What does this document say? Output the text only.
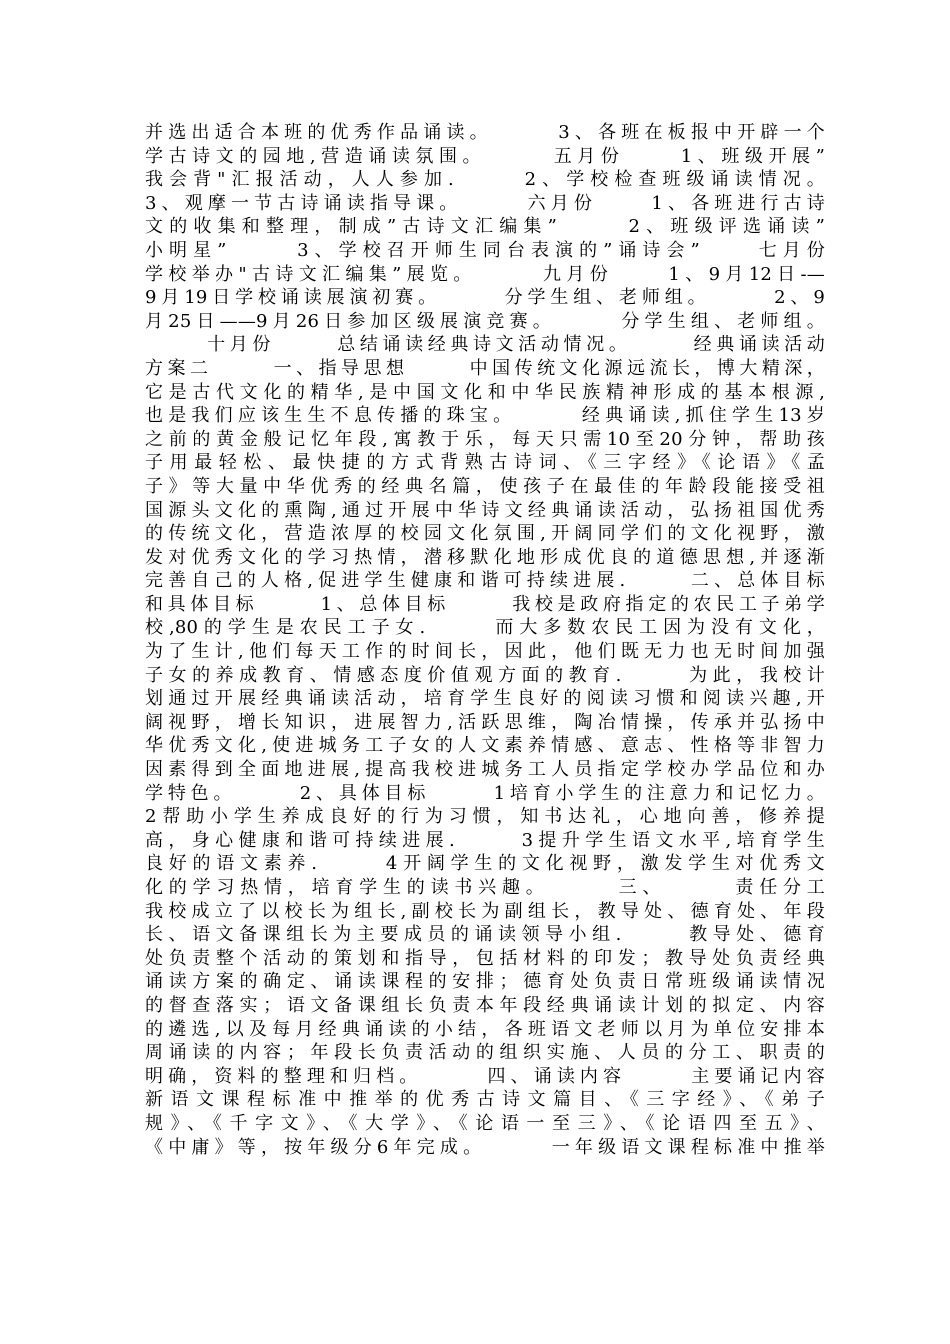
并选出适合本班的优秀作品诵读。      3、各班在板报中开辟一个
学古诗文的园地,营造诵读氛围。      五月份     1、班级开展”
我会背"汇报活动，人人参加.      2、学校检查班级诵读情况。
3、观摩一节古诗诵读指导课。      六月份     1、各班进行古诗
文的收集和整理，制成”古诗文汇编集”      2、班级评选诵读”
小明星”      3、学校召开师生同台表演的”诵诗会”     七月份
学校举办"古诗文汇编集”展览。      九月份     1、9月12日-—
9月19日学校诵读展演初赛。      分学生组、老师组。      2、9
月25日——9月26日参加区级展演竞赛。      分学生组、老师组。
十月份      总结诵读经典诗文活动情况。      经典诵读活动
方案二      一、指导思想      中国传统文化源远流长，博大精深，
它是古代文化的精华,是中国文化和中华民族精神形成的基本根源,
也是我们应该生生不息传播的珠宝。      经典诵读,抓住学生13岁
之前的黄金般记忆年段,寓教于乐，每天只需10至20分钟，帮助孩
子用最轻松、最快捷的方式背熟古诗词、《三字经》《论语》《孟
子》等大量中华优秀的经典名篇，使孩子在最佳的年龄段能接受祖
国源头文化的熏陶,通过开展中华诗文经典诵读活动，弘扬祖国优秀
的传统文化，营造浓厚的校园文化氛围,开阔同学们的文化视野，激
发对优秀文化的学习热情，潜移默化地形成优良的道德思想,并逐渐
完善自己的人格,促进学生健康和谐可持续进展.      二、总体目标
和具体目标      1、总体目标      我校是政府指定的农民工子弟学
校,80的学生是农民工子女.      而大多数农民工因为没有文化，
为了生计,他们每天工作的时间长，因此，他们既无力也无时间加强
子女的养成教育、情感态度价值观方面的教育.      为此，我校计
划通过开展经典诵读活动，培育学生良好的阅读习惯和阅读兴趣,开
阔视野，增长知识，进展智力,活跃思维，陶冶情操，传承并弘扬中
华优秀文化,使进城务工子女的人文素养情感、意志、性格等非智力
因素得到全面地进展,提高我校进城务工人员指定学校办学品位和办
学特色。      2、具体目标      1培育小学生的注意力和记忆力。
2帮助小学生养成良好的行为习惯，知书达礼，心地向善，修养提
高，身心健康和谐可持续进展.      3提升学生语文水平,培育学生
良好的语文素养.      4开阔学生的文化视野，激发学生对优秀文
化的学习热情，培育学生的读书兴趣。      三、      责任分工
我校成立了以校长为组长,副校长为副组长，教导处、德育处、年段
长、语文备课组长为主要成员的诵读领导小组.      教导处、德育
处负责整个活动的策划和指导，包括材料的印发；教导处负责经典
诵读方案的确定、诵读课程的安排；德育处负责日常班级诵读情况
的督查落实；语文备课组长负责本年段经典诵读计划的拟定、内容
的遴选,以及每月经典诵读的小结，各班语文老师以月为单位安排本
周诵读的内容；年段长负责活动的组织实施、人员的分工、职责的
明确，资料的整理和归档。      四、诵读内容      主要诵记内容
新语文课程标准中推举的优秀古诗文篇目、《三字经》、《弟子
规》、《千字文》、《大学》、《论语一至三》、《论语四至五》、
《中庸》等，按年级分6年完成。      一年级语文课程标准中推举
